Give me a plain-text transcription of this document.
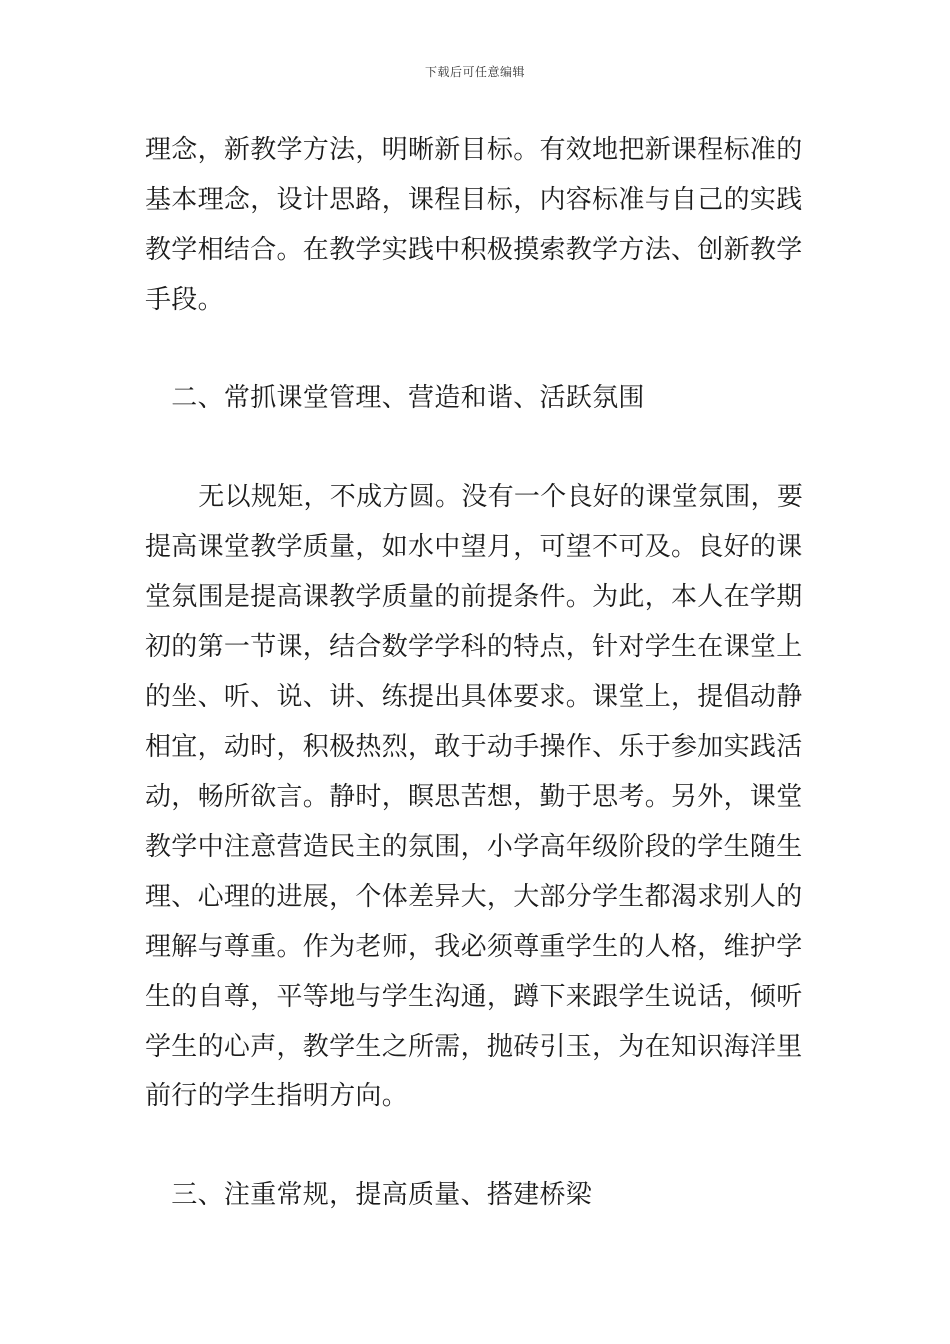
下载后可任意编辑
理念，新教学方法，明晰新目标。有效地把新课程标准的
基本理念，设计思路，课程目标，内容标准与自己的实践
教学相结合。在教学实践中积极摸索教学方法、创新教学
手段。
　二、常抓课堂管理、营造和谐、活跃氛围
　无以规矩，不成方圆。没有一个良好的课堂氛围，要
提高课堂教学质量，如水中望月，可望不可及。良好的课
堂氛围是提高课教学质量的前提条件。为此，本人在学期
初的第一节课，结合数学学科的特点，针对学生在课堂上
的坐、听、说、讲、练提出具体要求。课堂上，提倡动静
相宜，动时，积极热烈，敢于动手操作、乐于参加实践活
动，畅所欲言。静时，瞑思苦想，勤于思考。另外，课堂
教学中注意营造民主的氛围，小学高年级阶段的学生随生
理、心理的进展，个体差异大，大部分学生都渴求别人的
理解与尊重。作为老师，我必须尊重学生的人格，维护学
生的自尊，平等地与学生沟通，蹲下来跟学生说话，倾听
学生的心声，教学生之所需，抛砖引玉，为在知识海洋里
前行的学生指明方向。
　三、注重常规，提高质量、搭建桥梁
